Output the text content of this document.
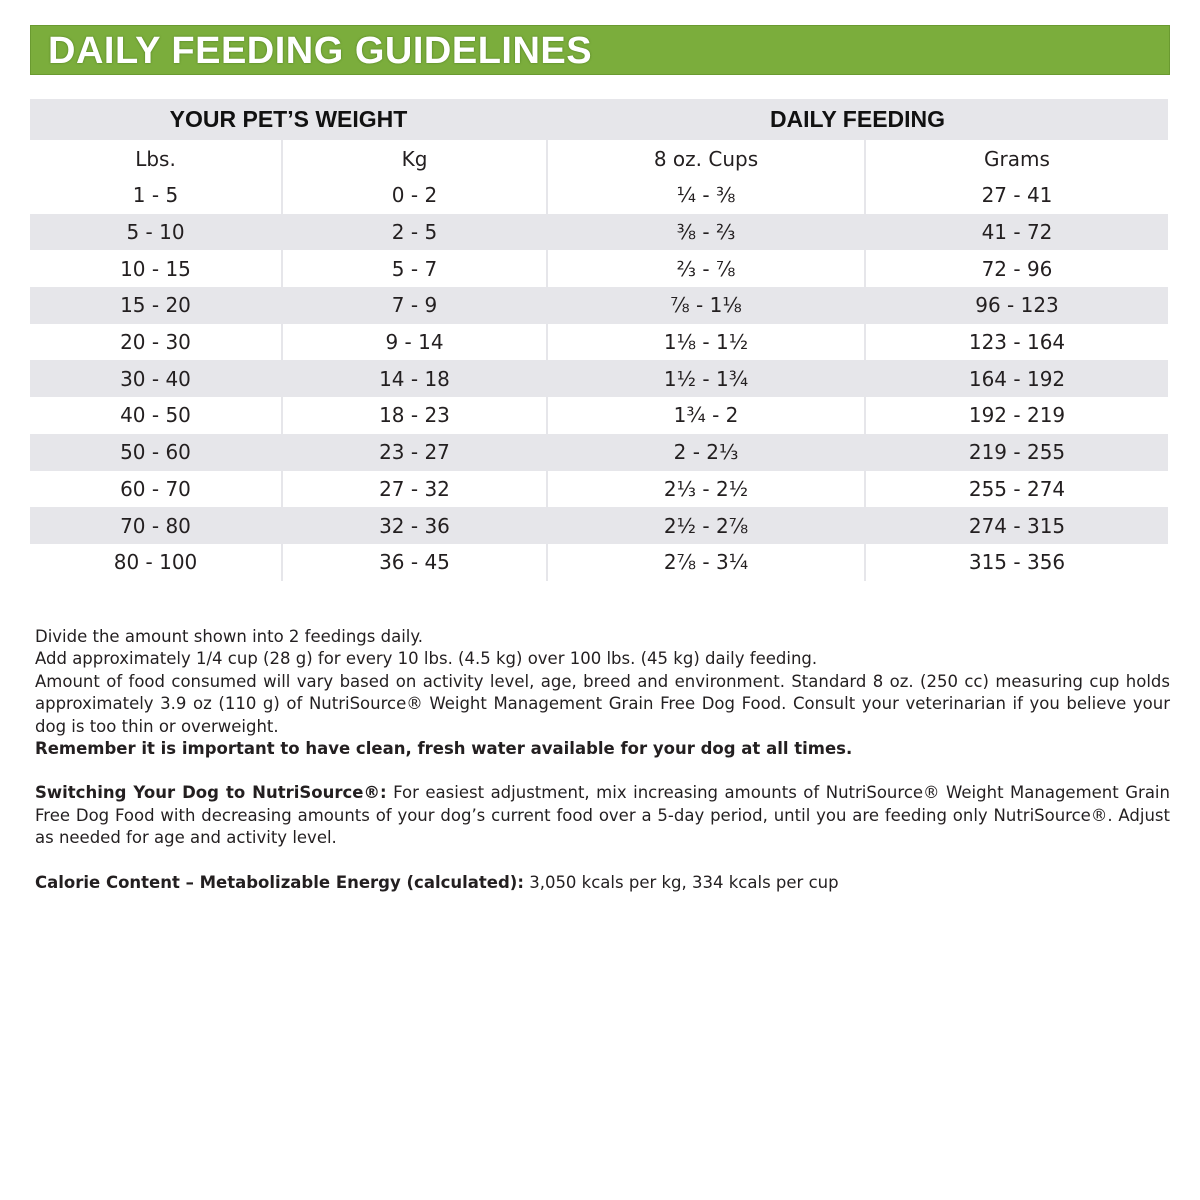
DAILY FEEDING GUIDELINES
YOUR PET’S WEIGHT		DAILY FEEDING	
Lbs.	Kg	8 oz. Cups	Grams
1 - 5	0 - 2	¼ - ⅜	27 - 41
5 - 10	2 - 5	⅜ - ⅔	41 - 72
10 - 15	5 - 7	⅔ - ⅞	72 - 96
15 - 20	7 - 9	⅞ - 1⅛	96 - 123
20 - 30	9 - 14	1⅛ - 1½	123 - 164
30 - 40	14 - 18	1½ - 1¾	164 - 192
40 - 50	18 - 23	1¾ - 2	192 - 219
50 - 60	23 - 27	2 - 2⅓	219 - 255
60 - 70	27 - 32	2⅓ - 2½	255 - 274
70 - 80	32 - 36	2½ - 2⅞	274 - 315
80 - 100	36 - 45	2⅞ - 3¼	315 - 356

Divide the amount shown into 2 feedings daily.

Add approximately 1/4 cup (28 g) for every 10 lbs. (4.5 kg) over 100 lbs. (45 kg) daily feeding.

Amount of food consumed will vary based on activity level, age, breed and environment. Standard 8 oz. (250 cc) measuring cup holds approximately 3.9 oz (110 g) of NutriSource® Weight Management Grain Free Dog Food. Consult your veterinarian if you believe your dog is too thin or overweight.

Remember it is important to have clean, fresh water available for your dog at all times.

Switching Your Dog to NutriSource®: For easiest adjustment, mix increasing amounts of NutriSource® Weight Management Grain Free Dog Food with decreasing amounts of your dog’s current food over a 5-day period, until you are feeding only NutriSource®. Adjust as needed for age and activity level.

Calorie Content – Metabolizable Energy (calculated): 3,050 kcals per kg, 334 kcals per cup
